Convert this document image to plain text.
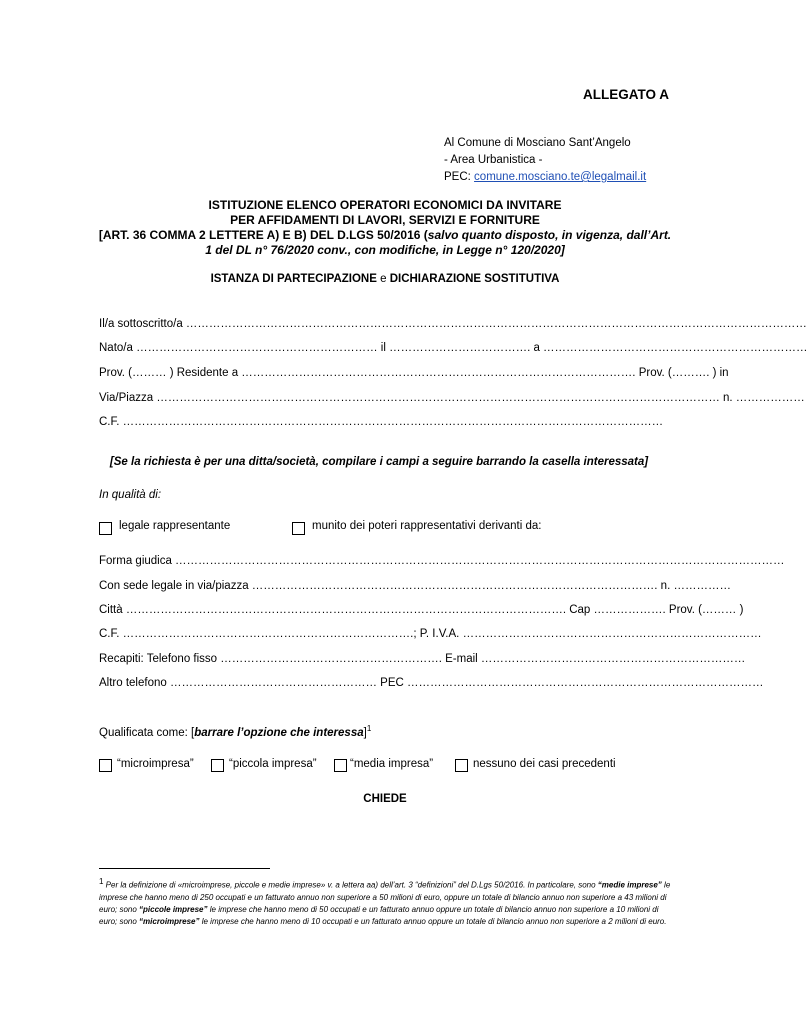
ALLEGATO A
Al Comune di Mosciano Sant’Angelo
- Area Urbanistica -
PEC: comune.mosciano.te@legalmail.it
ISTITUZIONE ELENCO OPERATORI ECONOMICI DA INVITARE
PER AFFIDAMENTI DI LAVORI, SERVIZI E FORNITURE
[ART. 36 COMMA 2 LETTERE A) E B) DEL D.LGS 50/2016 (salvo quanto disposto, in vigenza, dall’Art.
1 del DL n° 76/2020 conv., con modifiche, in Legge n° 120/2020]
ISTANZA DI PARTECIPAZIONE e DICHIARAZIONE SOSTITUTIVA
Il/a sottoscritto/a ………………………………………………………………………………………………………………………………………………
Nato/a ……………………………………………………… il ………………………………. a ……………………………………………………………
Prov. (……… ) Residente a …………………………………………………………………………………………. Prov. (………. ) in
Via/Piazza ………………………………………………………………………………………………………………………………… n. ………………
C.F. ……………………………………………………………………………………………………………………………
[Se la richiesta è per una ditta/società, compilare i campi a seguire barrando la casella interessata]
In qualità di:
legale rappresentante	munito dei poteri rappresentativi derivanti da:
Forma giudica ……………………………………………………………………………………………………………………………………………
Con sede legale in via/piazza ……………………………………………………………………………………………. n. ……………
Città ……………………………………………………………………………………………………. Cap ………………. Prov. (……… )
C.F. ………………………………………………………………….; P. I.V.A. ……………………………………………………………………
Recapiti: Telefono fisso …………………………………………………. E-mail ……………………………………………………………
Altro telefono ……………………………………………… PEC …………………………………………………………………………………
Qualificata come: [barrare l’opzione che interessa]$^1$
“microimpresa”	“piccola impresa”	“media impresa”	nessuno dei casi precedenti
CHIEDE
$^1$ Per la definizione di «microimprese, piccole e medie imprese» v. a lettera aa) dell’art. 3 “definizioni” del D.Lgs 50/2016. In particolare, sono “medie imprese” le imprese che hanno meno di 250 occupati e un fatturato annuo non superiore a 50 milioni di euro, oppure un totale di bilancio annuo non superiore a 43 milioni di euro; sono “piccole imprese” le imprese che hanno meno di 50 occupati e un fatturato annuo oppure un totale di bilancio annuo non superiore a 10 milioni di euro; sono “microimprese” le imprese che hanno meno di 10 occupati e un fatturato annuo oppure un totale di bilancio annuo non superiore a 2 milioni di euro.
